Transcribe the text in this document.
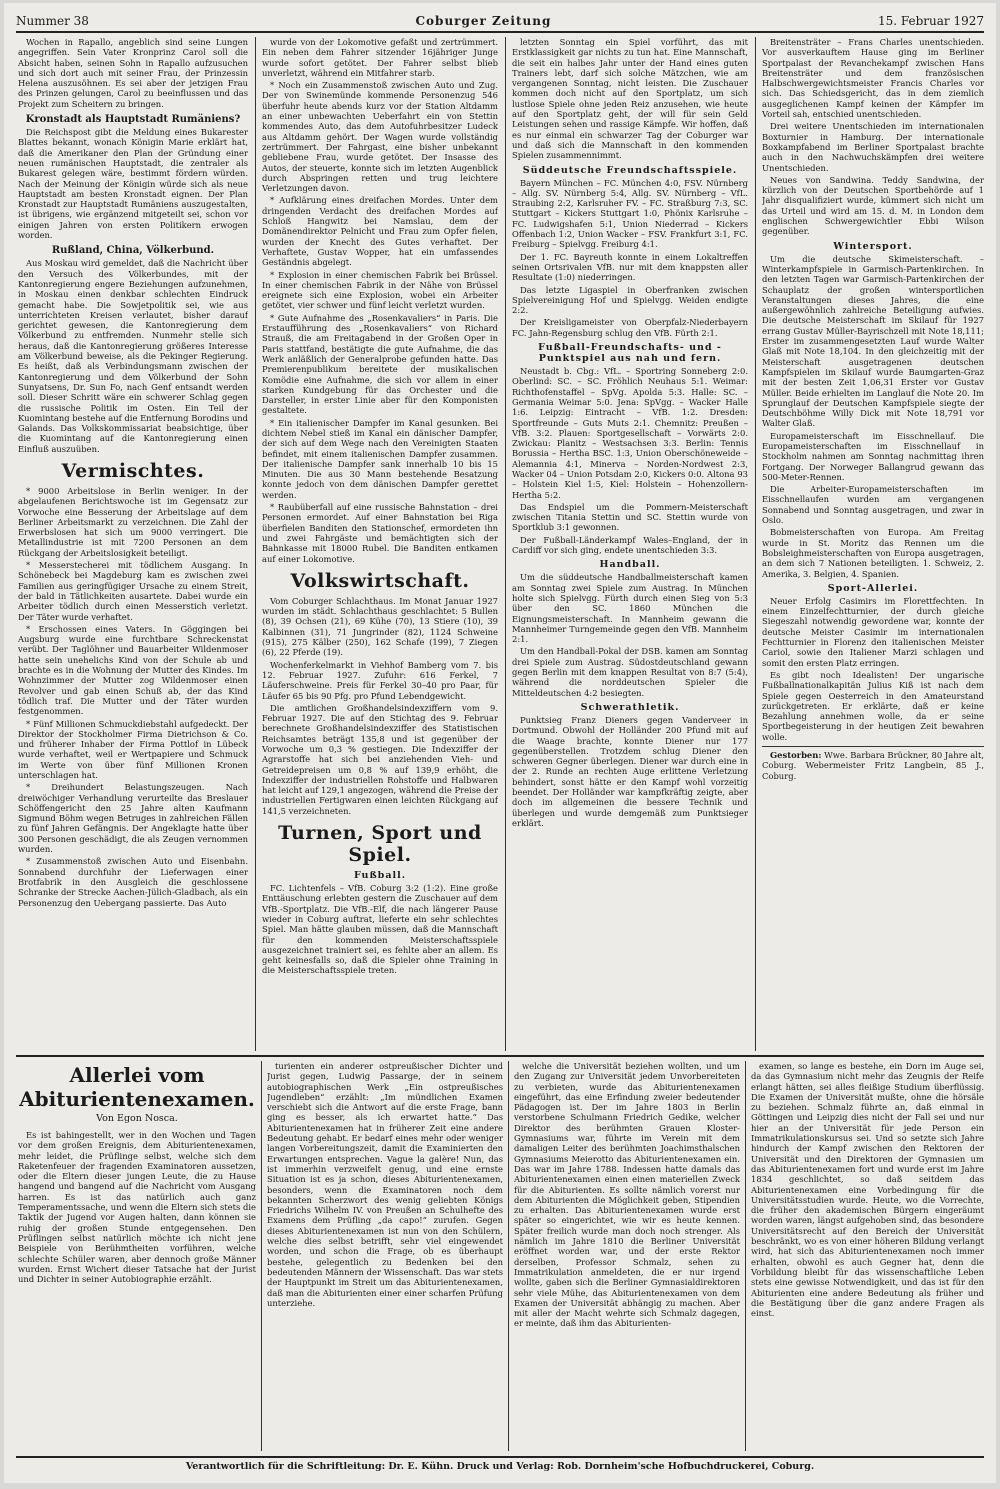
Nummer 38	Coburger Zeitung	15. Februar 1927

Wochen in Rapallo, angeblich sind seine Lungen angegriffen. Sein Vater Kronprinz Carol soll die Absicht haben, seinen Sohn in Rapallo aufzusuchen und sich dort auch mit seiner Frau, der Prinzessin Helena auszusöhnen. Es sei aber der jetzigen Frau des Prinzen gelungen, Carol zu beeinflussen und das Projekt zum Scheitern zu bringen.

Kronstadt als Hauptstadt Rumäniens?

Die Reichspost gibt die Meldung eines Bukarester Blattes bekannt, wonach Königin Marie erklärt hat, daß die Amerikaner den Plan der Gründung einer neuen rumänischen Hauptstadt, die zentraler als Bukarest gelegen wäre, bestimmt fördern würden. Nach der Meinung der Königin würde sich als neue Hauptstadt am besten Kronstadt eignen. Der Plan Kronstadt zur Hauptstadt Rumäniens auszugestalten, ist übrigens, wie ergänzend mitgeteilt sei, schon vor einigen Jahren von ersten Politikern erwogen worden.

Rußland, China, Völkerbund.

Aus Moskau wird gemeldet, daß die Nachricht über den Versuch des Völkerbundes, mit der Kantonregierung engere Beziehungen aufzunehmen, in Moskau einen denkbar schlechten Eindruck gemacht habe. Die Sowjetpolitik sei, wie aus unterrichteten Kreisen verlautet, bisher darauf gerichtet gewesen, die Kantonregierung dem Völkerbund zu entfremden. Nunmehr stelle sich heraus, daß die Kantonregierung größeres Interesse am Völkerbund beweise, als die Pekinger Regierung. Es heißt, daß als Verbindungsmann zwischen der Kantonregierung und dem Völkerbund der Sohn Sunyatsens, Dr. Sun Fo, nach Genf entsandt werden soll. Dieser Schritt wäre ein schwerer Schlag gegen die russische Politik im Osten. Ein Teil der Kuomintang bestehe auf die Entfernung Borodins und Galands. Das Volkskommissariat beabsichtige, über die Kuomintang auf die Kantonregierung einen Einfluß auszuüben.

Vermischtes.

* 9000 Arbeitslose in Berlin weniger. In der abgelaufenen Berichtswoche ist im Gegensatz zur Vorwoche eine Besserung der Arbeitslage auf dem Berliner Arbeitsmarkt zu verzeichnen. Die Zahl der Erwerbslosen hat sich um 9000 verringert. Die Metallindustrie ist mit 7200 Personen an dem Rückgang der Arbeitslosigkeit beteiligt.

* Messerstecherei mit tödlichem Ausgang. In Schönebeck bei Magdeburg kam es zwischen zwei Familien aus geringfügiger Ursache zu einem Streit, der bald in Tätlichkeiten ausartete. Dabei wurde ein Arbeiter tödlich durch einen Messerstich verletzt. Der Täter wurde verhaftet.

* Erschossen eines Vaters. In Göggingen bei Augsburg wurde eine furchtbare Schreckenstat verübt. Der Taglöhner und Bauarbeiter Wildenmoser hatte sein unehelichs Kind von der Schule ab und brachte es in die Wohnung der Mutter des Kindes. Im Wohnzimmer der Mutter zog Wildenmoser einen Revolver und gab einen Schuß ab, der das Kind tödlich traf. Die Mutter und der Täter wurden festgenommen.

* Fünf Millionen Schmuckdiebstahl aufgedeckt. Der Direktor der Stockholmer Firma Dietrichson & Co. und früherer Inhaber der Firma Pottlof in Lübeck wurde verhaftet, weil er Wertpapiere und Schmuck im Werte von über fünf Millionen Kronen unterschlagen hat.

* Dreihundert Belastungszeugen. Nach dreiwöchiger Verhandlung verurteilte das Breslauer Schöffengericht den 25 Jahre alten Kaufmann Sigmund Böhm wegen Betruges in zahlreichen Fällen zu fünf Jahren Gefängnis. Der Angeklagte hatte über 300 Personen geschädigt, die als Zeugen vernommen wurden.

* Zusammenstoß zwischen Auto und Eisenbahn. Sonnabend durchfuhr der Lieferwagen einer Brotfabrik in den Ausgleich die geschlossene Schranke der Strecke Aachen-Jülich-Gladbach, als ein Personenzug den Uebergang passierte. Das Auto

wurde von der Lokomotive gefaßt und zertrümmert. Ein neben dem Fahrer sitzender 16jähriger Junge wurde sofort getötet. Der Fahrer selbst blieb unverletzt, während ein Mitfahrer starb.

* Noch ein Zusammenstoß zwischen Auto und Zug. Der von Swinemünde kommende Personenzug 546 überfuhr heute abends kurz vor der Station Altdamm an einer unbewachten Ueberfahrt ein von Stettin kommendes Auto, das dem Autofuhrbesitzer Ludeck aus Altdamm gehört. Der Wagen wurde vollständig zertrümmert. Der Fahrgast, eine bisher unbekannt gebliebene Frau, wurde getötet. Der Insasse des Autos, der steuerte, konnte sich im letzten Augenblick durch Abspringen retten und trug leichtere Verletzungen davon.

* Aufklärung eines dreifachen Mordes. Unter dem dringenden Verdacht des dreifachen Mordes auf Schloß Hangwitz bei Namslau, dem der Domänendirektor Pelnicht und Frau zum Opfer fielen, wurden der Knecht des Gutes verhaftet. Der Verhaftete, Gustav Wopper, hat ein umfassendes Geständnis abgelegt.

* Explosion in einer chemischen Fabrik bei Brüssel. In einer chemischen Fabrik in der Nähe von Brüssel ereignete sich eine Explosion, wobei ein Arbeiter getötet, vier schwer und fünf leicht verletzt wurden.

* Gute Aufnahme des „Rosenkavaliers“ in Paris. Die Erstaufführung des „Rosenkavaliers“ von Richard Strauß, die am Freitagabend in der Großen Oper in Paris stattfand, bestätigte die gute Aufnahme, die das Werk anläßlich der Generalprobe gefunden hatte. Das Premierenpublikum bereitete der musikalischen Komödie eine Aufnahme, die sich vor allem in einer starken Kundgebung für das Orchester und die Darsteller, in erster Linie aber für den Komponisten gestaltete.

* Ein italienischer Dampfer im Kanal gesunken. Bei dichtem Nebel stieß im Kanal ein dänischer Dampfer, der sich auf dem Wege nach den Vereinigten Staaten befindet, mit einem italienischen Dampfer zusammen. Der italienische Dampfer sank innerhalb 10 bis 15 Minuten. Die aus 30 Mann bestehende Besatzung konnte jedoch von dem dänischen Dampfer gerettet werden.

* Raubüberfall auf eine russische Bahnstation – drei Personen ermordet. Auf einer Bahnstation bei Riga überfielen Banditen den Stationschef, ermordeten ihn und zwei Fahrgäste und bemächtigten sich der Bahnkasse mit 18000 Rubel. Die Banditen entkamen auf einer Lokomotive.

Volkswirtschaft.

Vom Coburger Schlachthaus. Im Monat Januar 1927 wurden im städt. Schlachthaus geschlachtet: 5 Bullen (8), 39 Ochsen (21), 69 Kühe (70), 13 Stiere (10), 39 Kalbinnen (31), 71 Jungrinder (82), 1124 Schweine (915), 275 Kälber (250), 162 Schafe (199), 7 Ziegen (6), 22 Pferde (19).

Wochenferkelmarkt in Viehhof Bamberg vom 7. bis 12. Februar 1927. Zufuhr: 616 Ferkel, 7 Läuferschweine. Preis für Ferkel 30–40 pro Paar, für Läufer 65 bis 90 Pfg. pro Pfund Lebendgewicht.

Die amtlichen Großhandelsindexziffern vom 9. Februar 1927. Die auf den Stichtag des 9. Februar berechnete Großhandelsindexziffer des Statistischen Reichsamtes beträgt 135,8 und ist gegenüber der Vorwoche um 0,3 % gestiegen. Die Indexziffer der Agrarstoffe hat sich bei anziehenden Vieh- und Getreidepreisen um 0,8 % auf 139,9 erhöht, die Indexziffer der industriellen Rohstoffe und Halbwaren hat leicht auf 129,1 angezogen, während die Preise der industriellen Fertigwaren einen leichten Rückgang auf 141,5 verzeichneten.

Turnen, Sport und Spiel.
Fußball.

FC. Lichtenfels – VfB. Coburg 3:2 (1:2). Eine große Enttäuschung erlebten gestern die Zuschauer auf dem VfB.-Sportplatz. Die VfB.-Elf, die nach längerer Pause wieder in Coburg auftrat, lieferte ein sehr schlechtes Spiel. Man hätte glauben müssen, daß die Mannschaft für den kommenden Meisterschaftsspiele ausgezeichnet trainiert sei, es fehlte aber an allem. Es geht keinesfalls so, daß die Spieler ohne Training in die Meisterschaftsspiele treten.

letzten Sonntag ein Spiel vorführt, das mit Erstklassigkeit gar nichts zu tun hat. Eine Mannschaft, die seit ein halbes Jahr unter der Hand eines guten Trainers lebt, darf sich solche Mätzchen, wie am vergangenen Sonntag, nicht leisten. Die Zuschauer kommen doch nicht auf den Sportplatz, um sich lustlose Spiele ohne jeden Reiz anzusehen, wie heute auf den Sportplatz geht, der will für sein Geld Leistungen sehen und rassige Kämpfe. Wir hoffen, daß es nur einmal ein schwarzer Tag der Coburger war und daß sich die Mannschaft in den kommenden Spielen zusammennimmt.

Süddeutsche Freundschaftsspiele.

Bayern München – FC. München 4:0, FSV. Nürnberg – Allg. SV. Nürnberg 5:4, Allg. SV. Nürnberg – VfL. Straubing 2:2, Karlsruher FV. – FC. Straßburg 7:3, SC. Stuttgart – Kickers Stuttgart 1:0, Phönix Karlsruhe – FC. Ludwigshafen 5:1, Union Niederrad – Kickers Offenbach 1:2, Union Wacker – FSV. Frankfurt 3:1, FC. Freiburg – Spielvgg. Freiburg 4:1.

Der 1. FC. Bayreuth konnte in einem Lokaltreffen seinen Ortsrivalen VfB. nur mit dem knappsten aller Resultate (1:0) niederringen.

Das letzte Ligaspiel in Oberfranken zwischen Spielvereinigung Hof und Spielvgg. Weiden endigte 2:2.

Der Kreisligameister von Oberpfalz-Niederbayern FC. Jahn-Regensburg schlug den VfB. Fürth 2:1.

Fußball-Freundschafts- und -Punktspiel aus nah und fern.

Neustadt b. Cbg.: VfL. – Sportring Sonneberg 2:0. Oberlind: SC. – SC. Fröhlich Neuhaus 5:1. Weimar: Richthofenstaffel – SpVg. Apolda 5:3. Halle: SC. – Germania Weimar 5:0. Jena: SpVgg. – Wacker Halle 1:6. Leipzig: Eintracht – VfB. 1:2. Dresden: Sportfreunde – Guts Muts 2:1. Chemnitz: Preußen – VfB. 3:2. Plauen: Sportgesellschaft – Vorwärts 2:0. Zwickau: Planitz – Westsachsen 3:3. Berlin: Tennis Borussia – Hertha BSC. 1:3, Union Oberschöneweide – Alemannia 4:1, Minerva – Norden-Nordwest 2:3, Wacker 04 – Union Potsdam 2:0, Kickers 0:0. Altona 93 – Holstein Kiel 1:5, Kiel: Holstein – Hohenzollern-Hertha 5:2.

Das Endspiel um die Pommern-Meisterschaft zwischen Titania Stettin und SC. Stettin wurde von Sportklub 3:1 gewonnen.

Der Fußball-Länderkampf Wales–England, der in Cardiff vor sich ging, endete unentschieden 3:3.

Handball.

Um die süddeutsche Handballmeisterschaft kamen am Sonntag zwei Spiele zum Austrag. In München holte sich Spielvgg. Fürth durch einen Sieg von 5:3 über den SC. 1860 München die Eignungsmeisterschaft. In Mannheim gewann die Mannheimer Turngemeinde gegen den VfB. Mannheim 2:1.

Um den Handball-Pokal der DSB. kamen am Sonntag drei Spiele zum Austrag. Südostdeutschland gewann gegen Berlin mit dem knappen Resultat von 8:7 (5:4), während die norddeutschen Spieler die Mitteldeutschen 4:2 besiegten.

Schwerathletik.

Punktsieg Franz Dieners gegen Vanderveer in Dortmund. Obwohl der Holländer 200 Pfund mit auf die Waage brachte, konnte Diener nur 177 gegenüberstellen. Trotzdem schlug Diener den schweren Gegner überlegen. Diener war durch eine in der 2. Runde an rechten Auge erlittene Verletzung behindert, sonst hätte er den Kampf wohl vorzeitig beendet. Der Holländer war kampfkräftig zeigte, aber doch im allgemeinen die bessere Technik und überlegen und wurde demgemäß zum Punktsieger erklärt.

Breitensträter – Frans Charles unentschieden. Vor ausverkauftem Hause ging im Berliner Sportpalast der Revanchekampf zwischen Hans Breitensträter und dem französischen Halbschwergewichtsmeister Francis Charles vor sich. Das Schiedsgericht, das in dem ziemlich ausgeglichenen Kampf keinen der Kämpfer im Vorteil sah, entschied unentschieden.

Drei weitere Unentschieden im internationalen Boxturnier in Hamburg. Der internationale Boxkampfabend im Berliner Sportpalast brachte auch in den Nachwuchskämpfen drei weitere Unentschieden.

Neues von Sandwina. Teddy Sandwina, der kürzlich von der Deutschen Sportbehörde auf 1 Jahr disqualifiziert wurde, kümmert sich nicht um das Urteil und wird am 15. d. M. in London dem englischen Schwergewichtler Ebbi Wilson gegenüber.

Wintersport.

Um die deutsche Skimeisterschaft. – Winterkampfspiele in Garmisch-Partenkirchen. In den letzten Tagen war Garmisch-Partenkirchen der Schauplatz der großen wintersportlichen Veranstaltungen dieses Jahres, die eine außergewöhnlich zahlreiche Beteiligung aufwies. Die deutsche Meisterschaft im Skilauf für 1927 errang Gustav Müller-Bayrischzell mit Note 18,111; Erster im zusammengesetzten Lauf wurde Walter Glaß mit Note 18,104. In den gleichzeitig mit der Meisterschaft ausgetragenen deutschen Kampfspielen im Skilauf wurde Baumgarten-Graz mit der besten Zeit 1,06,31 Erster vor Gustav Müller. Beide erhielten im Langlauf die Note 20. Im Sprunglauf der Deutschen Kampfspiele siegte der Deutschböhme Willy Dick mit Note 18,791 vor Walter Glaß.

Europameisterschaft im Eisschnellauf. Die Europameisterschaften im Eisschnellauf in Stockholm nahmen am Sonntag nachmittag ihren Fortgang. Der Norweger Ballangrud gewann das 500-Meter-Rennen.

Die Arbeiter-Europameisterschaften im Eisschnellaufen wurden am vergangenen Sonnabend und Sonntag ausgetragen, und zwar in Oslo.

Bobmeisterschaften von Europa. Am Freitag wurde in St. Moritz das Rennen um die Bobsleighmeisterschaften von Europa ausgetragen, an dem sich 7 Nationen beteiligten. 1. Schweiz, 2. Amerika, 3. Belgien, 4. Spanien.

Sport-Allerlei.

Neuer Erfolg Casimirs im Florettfechten. In einem Einzelfechtturnier, der durch gleiche Siegeszahl notwendig gewordene war, konnte der deutsche Meister Casimir im internationalen Fechtturnier in Florenz den italienischen Meister Cariol, sowie den Italiener Marzi schlagen und somit den ersten Platz erringen.

Es gibt noch Idealisten! Der ungarische Fußballnationalkapitän Julius Kiß ist nach dem Spiele gegen Oesterreich in den Amateurstand zurückgetreten. Er erklärte, daß er keine Bezahlung annehmen wolle, da er seine Sportbegeisterung in der heutigen Zeit bewahren wolle.

Gestorben: Wwe. Barbara Brückner, 80 Jahre alt, Coburg. Webermeister Fritz Langbein, 85 J., Coburg.

Allerlei vom Abiturientenexamen.
Von Egon Nosca.

Es ist bahingestellt, wer in den Wochen und Tagen vor dem großen Ereignis, dem Abiturientenexamen, mehr leidet, die Prüflinge selbst, welche sich dem Raketenfeuer der fragenden Examinatoren aussetzen, oder die Eltern dieser jungen Leute, die zu Hause hangend und bangend auf die Nachricht vom Ausgang harren. Es ist das natürlich auch ganz Temperamentssache, und wenn die Eltern sich stets die Taktik der Jugend vor Augen halten, dann können sie ruhig der großen Stunde entgegensehen. Den Prüflingen selbst natürlich möchte ich nicht jene Beispiele von Berühmtheiten vorführen, welche schlechte Schüler waren, aber dennoch große Männer wurden. Ernst Wichert dieser Tatsache hat der Jurist und Dichter in seiner Autobiographie erzählt.

turienten ein anderer ostpreußischer Dichter und Jurist gegen, Ludwig Passarge, der in seinem autobiographischen Werk „Ein ostpreußisches Jugendleben“ erzählt: „Im mündlichen Examen verschiebt sich die Antwort auf die erste Frage, bann ging es besser, als ich erwartet hatte.“ Das Abiturientenexamen hat in früherer Zeit eine andere Bedeutung gehabt. Er bedarf eines mehr oder weniger langen Vorbereitungszeit, damit die Examinierten den Erwartungen entsprechen. Vague la galère! Nun, das ist immerhin verzweifelt genug, und eine ernste Situation ist es ja schon, dieses Abiturientenexamen, besonders, wenn die Examinatoren noch dem bekannten Scherzwort des wenig geliebten Königs Friedrichs Wilhelm IV. von Preußen an Schulhefte des Examens dem Prüfling „da capo!“ zurufen. Gegen dieses Abiturientenexamen ist nun von den Schülern, welche dies selbst betrifft, sehr viel eingewendet worden, und schon die Frage, ob es überhaupt bestehe, gelegentlich zu Bedenken bei den bedeutenden Männern der Wissenschaft. Das war stets der Hauptpunkt im Streit um das Abiturientenexamen, daß man die Abiturienten einer einer scharfen Prüfung unterziehe.

welche die Universität beziehen wollten, und um den Zugang zur Universität jedem Unvorbereiteten zu verbieten, wurde das Abiturientenexamen eingeführt, das eine Erfindung zweier bedeutender Pädagogen ist. Der im Jahre 1803 in Berlin verstorbene Schulmann Friedrich Gedike, welcher Direktor des berühmten Grauen Kloster-Gymnasiums war, führte im Verein mit dem damaligen Leiter des berühmten Joachimsthalschen Gymnasiums Meierotto das Abiturientenexamen ein. Das war im Jahre 1788. Indessen hatte damals das Abiturientenexamen einen einen materiellen Zweck für die Abiturienten. Es sollte nämlich vorerst nur dem Abiturienten die Möglichkeit geben, Stipendien zu erhalten. Das Abiturientenexamen wurde erst später so eingerichtet, wie wir es heute kennen. Später freilich wurde man doch noch strenger. Als nämlich im Jahre 1810 die Berliner Universität eröffnet worden war, und der erste Rektor derselben, Professor Schmalz, sehen zu Immatrikulation anmeldeten, die er nur irgend wollte, gaben sich die Berliner Gymnasialdirektoren sehr viele Mühe, das Abiturientenexamen von dem Examen der Universität abhängig zu machen. Aber mit aller der Macht wehrte sich Schmalz dagegen, er meinte, daß ihm das Abiturienten-

examen, so lange es bestehe, ein Dorn im Auge sei, da das Gymnasium nicht mehr das Zeugnis der Reife erlangt hätten, sei alles fleißige Studium überflüssig. Die Examen der Universität mußte, ohne die hörsäle zu beziehen. Schmalz führte an, daß einmal in Göttingen und Leipzig dies nicht der Fall sei und nur hier an der Universität für jede Person ein Immatrikulationskursus sei. Und so setzte sich Jahre hindurch der Kampf zwischen den Rektoren der Universität und den Direktoren der Gymnasien um das Abiturientenexamen fort und wurde erst im Jahre 1834 geschlichtet, so daß seitdem das Abiturientenexamen eine Vorbedingung für die Universitätsstudien wurde. Heute, wo die Vorrechte, die früher den akademischen Bürgern eingeräumt worden waren, längst aufgehoben sind, das besondere Universitätsrecht auf den Bereich der Universität beschränkt, wo es von einer höheren Bildung verlangt wird, hat sich das Abiturientenexamen noch immer erhalten, obwohl es auch Gegner hat, denn die Vorbildung bleibt für das wissenschaftliche Leben stets eine gewisse Notwendigkeit, und das ist für den Abiturienten eine andere Bedeutung als früher und die Bestätigung über die ganz andere Fragen als einst.

Verantwortlich für die Schriftleitung: Dr. E. Kühn. Druck und Verlag: Rob. Dornheim'sche Hofbuchdruckerei, Coburg.
